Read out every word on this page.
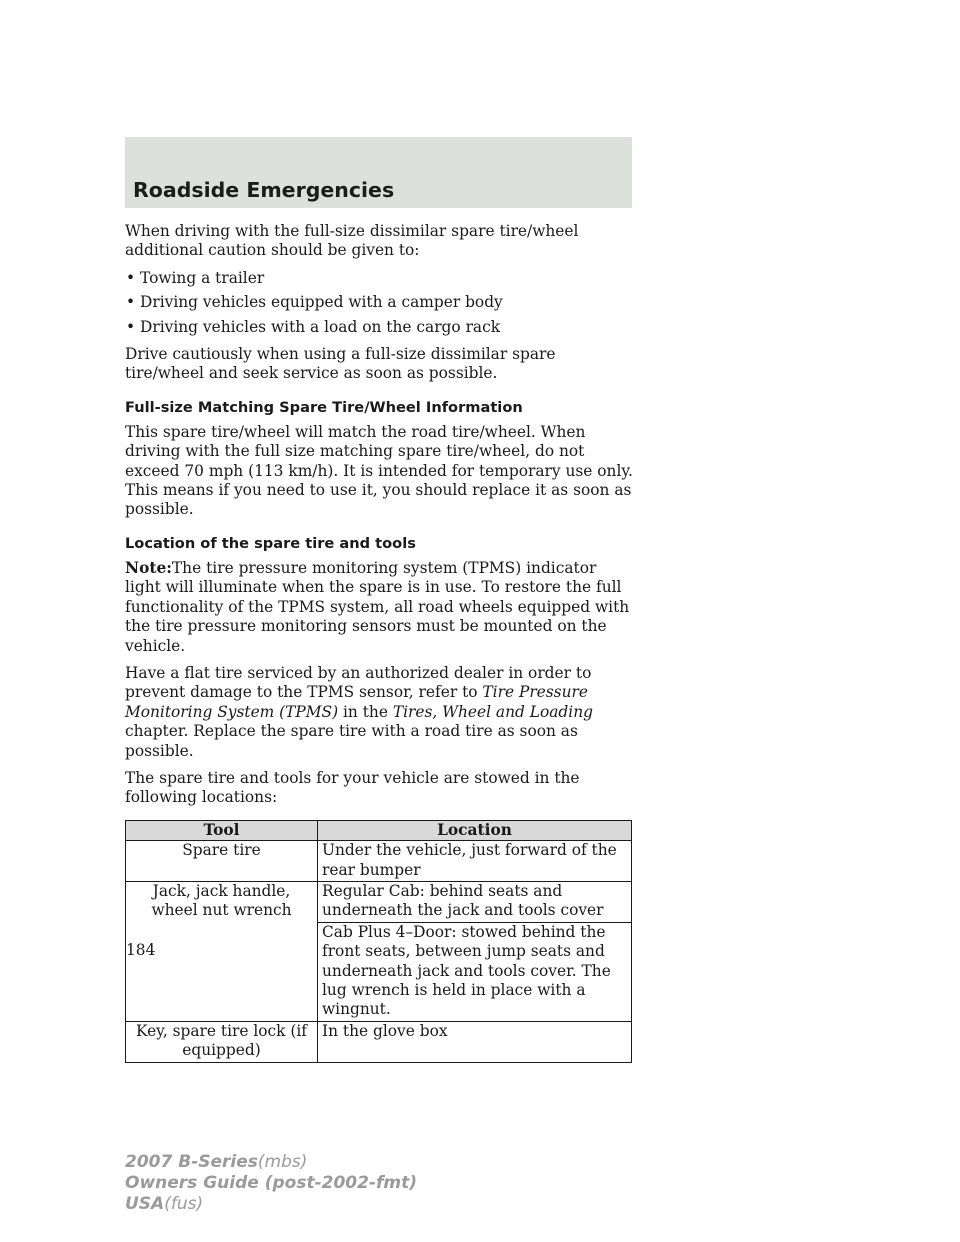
Roadside Emergencies

When driving with the full-size dissimilar spare tire/wheel additional caution should be given to:

• Towing a trailer
• Driving vehicles equipped with a camper body
• Driving vehicles with a load on the cargo rack

Drive cautiously when using a full-size dissimilar spare tire/wheel and seek service as soon as possible.

Full-size Matching Spare Tire/Wheel Information

This spare tire/wheel will match the road tire/wheel. When driving with the full size matching spare tire/wheel, do not exceed 70 mph (113 km/h). It is intended for temporary use only. This means if you need to use it, you should replace it as soon as possible.

Location of the spare tire and tools

Note:The tire pressure monitoring system (TPMS) indicator light will illuminate when the spare is in use. To restore the full functionality of the TPMS system, all road wheels equipped with the tire pressure monitoring sensors must be mounted on the vehicle.

Have a flat tire serviced by an authorized dealer in order to prevent damage to the TPMS sensor, refer to Tire Pressure Monitoring System (TPMS) in the Tires, Wheel and Loading chapter. Replace the spare tire with a road tire as soon as possible.

The spare tire and tools for your vehicle are stowed in the following locations:

Tool	Location
Spare tire	Under the vehicle, just forward of the rear bumper
Jack, jack handle, wheel nut wrench	Regular Cab: behind seats and underneath the jack and tools cover
	Cab Plus 4–Door: stowed behind the front seats, between jump seats and underneath jack and tools cover. The lug wrench is held in place with a wingnut.
Key, spare tire lock (if equipped)	In the glove box
184
2007 B-Series(mbs)
Owners Guide (post-2002-fmt)
USA(fus)
